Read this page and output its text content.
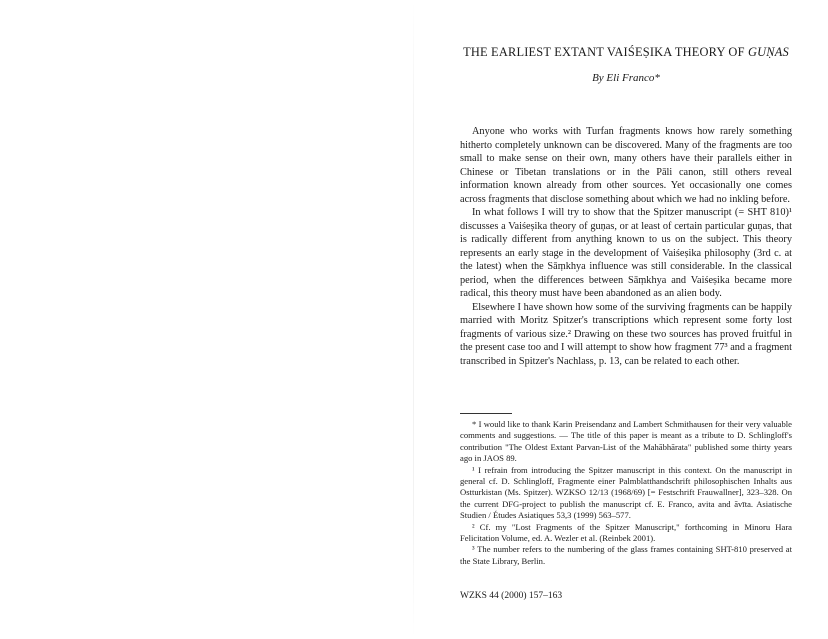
THE EARLIEST EXTANT VAIŚEṢIKA THEORY OF GUṆAS
By Eli Franco*

Anyone who works with Turfan fragments knows how rarely something hitherto completely unknown can be discovered. Many of the fragments are too small to make sense on their own, many others have their parallels either in Chinese or Tibetan translations or in the Pāli canon, still others reveal information known already from other sources. Yet occasionally one comes across fragments that disclose something about which we had no inkling before.

In what follows I will try to show that the Spitzer manuscript (= SHT 810)¹ discusses a Vaiśeṣika theory of guṇas, or at least of certain particular guṇas, that is radically different from anything known to us on the subject. This theory represents an early stage in the development of Vaiśeṣika philosophy (3rd c. at the latest) when the Sāṃkhya influence was still considerable. In the classical period, when the differences between Sāṃkhya and Vaiśeṣika became more radical, this theory must have been abandoned as an alien body.

Elsewhere I have shown how some of the surviving fragments can be happily married with Moritz Spitzer's transcriptions which represent some forty lost fragments of various size.² Drawing on these two sources has proved fruitful in the present case too and I will attempt to show how fragment 77³ and a fragment transcribed in Spitzer's Nachlass, p. 13, can be related to each other.

* I would like to thank Karin Preisendanz and Lambert Schmithausen for their very valuable comments and suggestions. — The title of this paper is meant as a tribute to D. Schlingloff's contribution "The Oldest Extant Parvan-List of the Mahābhārata" published some thirty years ago in JAOS 89.

¹ I refrain from introducing the Spitzer manuscript in this context. On the manuscript in general cf. D. Schlingloff, Fragmente einer Palmblatthandschrift philosophischen Inhalts aus Ostturkistan (Ms. Spitzer). WZKSO 12/13 (1968/69) [= Festschrift Frauwallner], 323–328. On the current DFG-project to publish the manuscript cf. E. Franco, avita and āvīta. Asiatische Studien / Études Asiatiques 53,3 (1999) 563–577.

² Cf. my "Lost Fragments of the Spitzer Manuscript," forthcoming in Minoru Hara Felicitation Volume, ed. A. Wezler et al. (Reinbek 2001).

³ The number refers to the numbering of the glass frames containing SHT-810 preserved at the State Library, Berlin.

WZKS 44 (2000) 157–163
